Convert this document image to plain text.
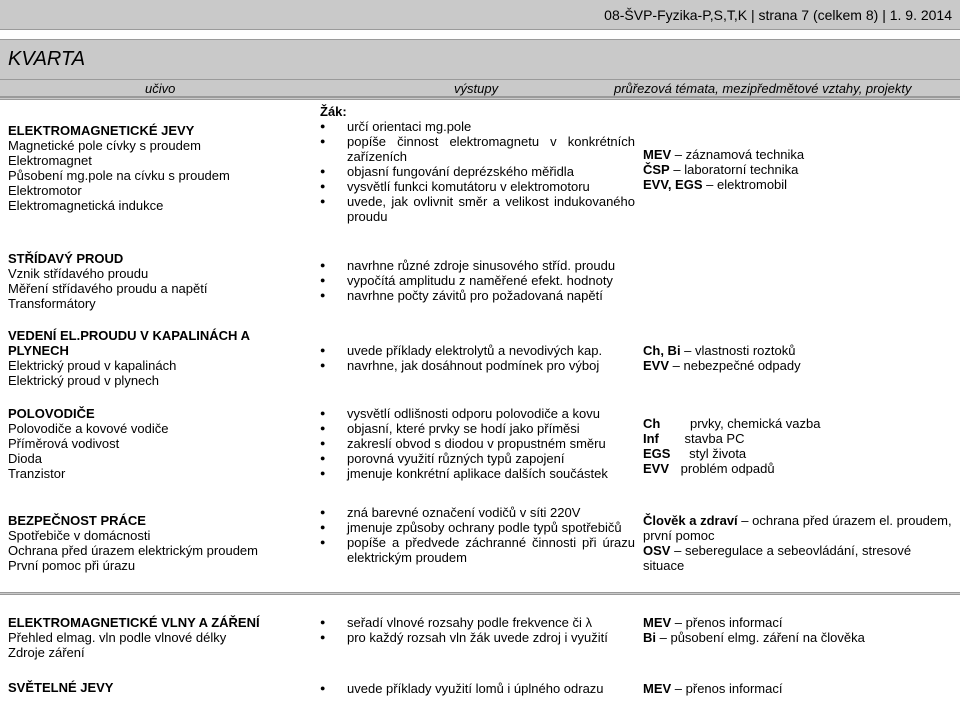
08-ŠVP-Fyzika-P,S,T,K | strana 7 (celkem 8) | 1. 9. 2014
KVARTA
učivo	výstupy	průřezová témata, mezipředmětové vztahy, projekty
ELEKTROMAGNETICKÉ JEVY
Magnetické pole cívky s proudem
Elektromagnet
Působení mg.pole na cívku s proudem
Elektromotor
Elektromagnetická indukce
Žák:
● určí orientaci mg.pole
● popíše činnost elektromagnetu v konkrétních zařízeních
● objasní fungování deprézského měřidla
● vysvětlí funkci komutátoru v elektromotoru
● uvede, jak ovlivnit směr a velikost indukovaného proudu
MEV – záznamová technika
ČSP – laboratorní technika
EVV, EGS – elektromobil
STŘÍDAVÝ PROUD
Vznik střídavého proudu
Měření střídavého proudu a napětí
Transformátory
● navrhne různé zdroje sinusového stříd. proudu
● vypočítá amplitudu z naměřené efekt. hodnoty
● navrhne počty závitů pro požadovaná napětí
VEDENÍ EL.PROUDU V KAPALINÁCH A PLYNECH
Elektrický proud v kapalinách
Elektrický proud v plynech
● uvede příklady elektrolytů a nevodivých kap.
● navrhne, jak dosáhnout podmínek pro výboj
Ch, Bi – vlastnosti roztoků
EVV – nebezpečné odpady
POLOVODIČE
Polovodiče a kovové vodiče
Příměrová vodivost
Dioda
Tranzistor
● vysvětlí odlišnosti odporu polovodiče a kovu
● objasní, které prvky se hodí jako příměsi
● zakreslí obvod s diodou v propustném směru
● porovná využití různých typů zapojení
● jmenuje konkrétní aplikace dalších součástek
Ch prvky, chemická vazba
Inf stavba PC
EGS styl života
EVV problém odpadů
BEZPEČNOST PRÁCE
Spotřebiče v domácnosti
Ochrana před úrazem elektrickým proudem
První pomoc při úrazu
● zná barevné označení vodičů v síti 220V
● jmenuje způsoby ochrany podle typů spotřebičů
● popíše a předvede záchranné činnosti při úrazu elektrickým proudem
Člověk a zdraví – ochrana před úrazem el. proudem, první pomoc
OSV – seberegulace a sebeovládání, stresové situace
ELEKTROMAGNETICKÉ VLNY A ZÁŘENÍ
Přehled elmag. vln podle vlnové délky
Zdroje záření
● seřadí vlnové rozsahy podle frekvence či λ
● pro každý rozsah vln žák uvede zdroj i využití
MEV – přenos informací
Bi – působení elmg. záření na člověka
SVĚTELNÉ JEVY
●	uvede příklady využití lomů i úplného odrazu	MEV – přenos informací
